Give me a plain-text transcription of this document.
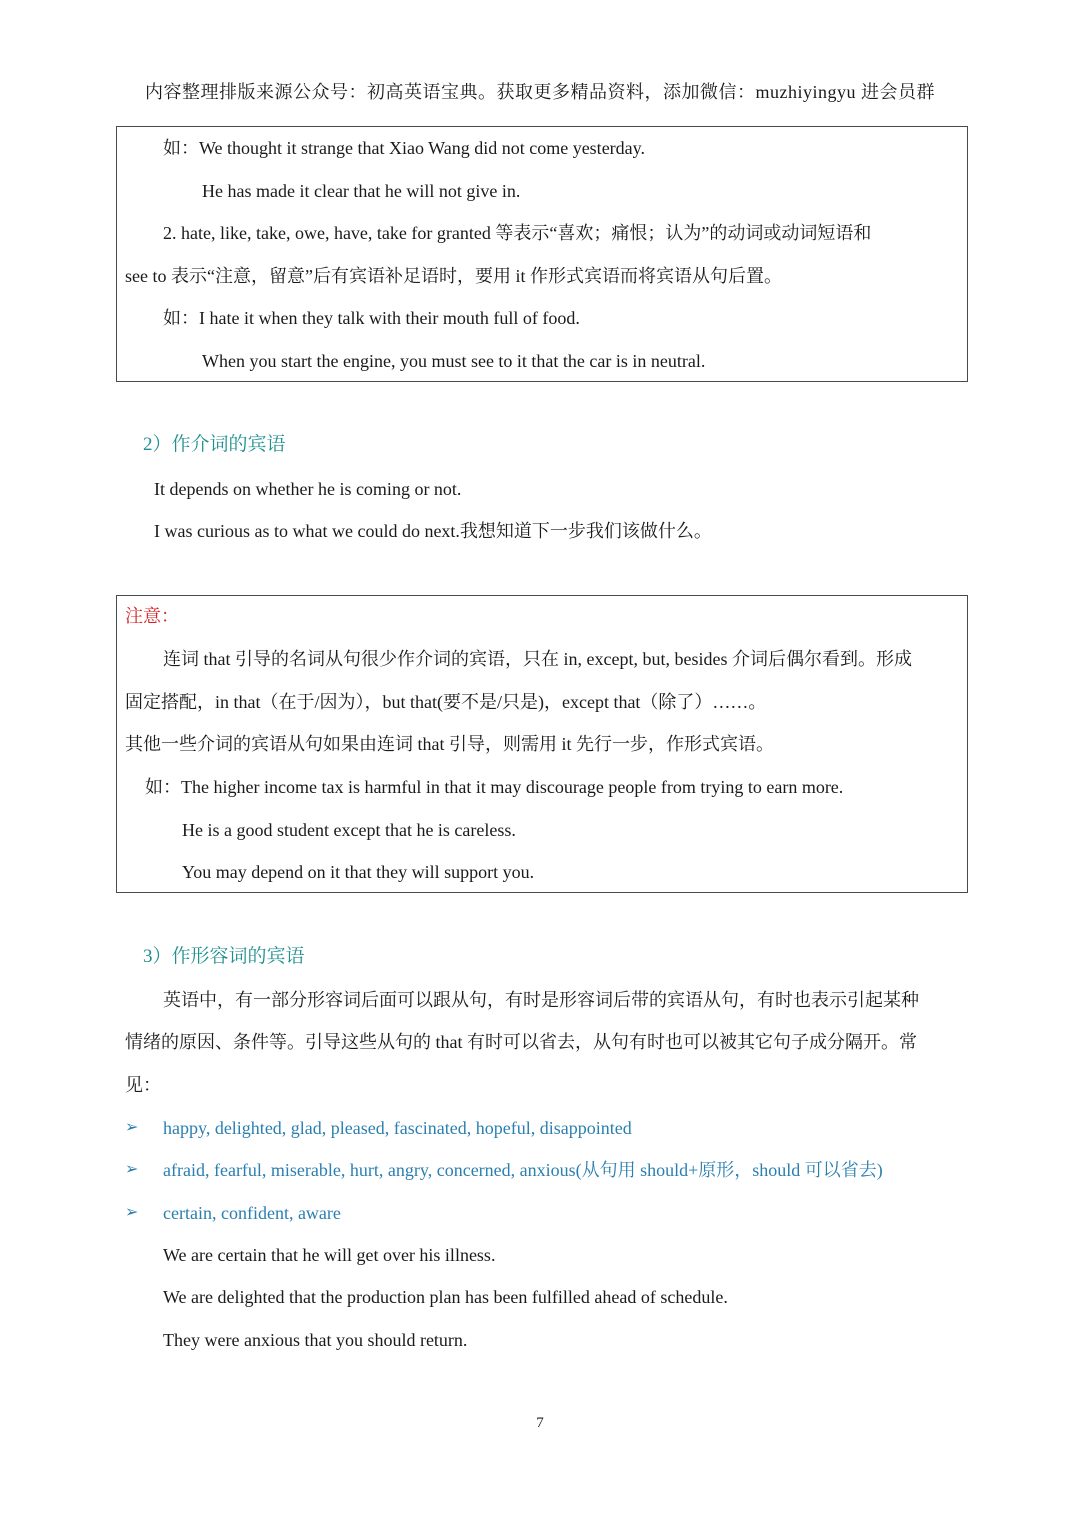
内容整理排版来源公众号：初高英语宝典。获取更多精品资料，添加微信：muzhiyingyu 进会员群
如：We thought it strange that Xiao Wang did not come yesterday.
He has made it clear that he will not give in.
2. hate, like, take, owe, have, take for granted 等表示“喜欢；痛恨；认为”的动词或动词短语和
see to 表示“注意，留意”后有宾语补足语时，要用 it 作形式宾语而将宾语从句后置。
如：I hate it when they talk with their mouth full of food.
When you start the engine, you must see to it that the car is in neutral.
2）作介词的宾语
It depends on whether he is coming or not.
I was curious as to what we could do next.我想知道下一步我们该做什么。
注意：
连词 that 引导的名词从句很少作介词的宾语，只在 in, except, but, besides 介词后偶尔看到。形成
固定搭配，in that（在于/因为），but that(要不是/只是)，except that（除了）……。
其他一些介词的宾语从句如果由连词 that 引导，则需用 it 先行一步，作形式宾语。
如：The higher income tax is harmful in that it may discourage people from trying to earn more.
He is a good student except that he is careless.
You may depend on it that they will support you.
3）作形容词的宾语
英语中，有一部分形容词后面可以跟从句，有时是形容词后带的宾语从句，有时也表示引起某种
情绪的原因、条件等。引导这些从句的 that 有时可以省去，从句有时也可以被其它句子成分隔开。常
见：
➢ happy, delighted, glad, pleased, fascinated, hopeful, disappointed
➢ afraid, fearful, miserable, hurt, angry, concerned, anxious(从句用 should+原形，should 可以省去)
➢ certain, confident, aware
We are certain that he will get over his illness.
We are delighted that the production plan has been fulfilled ahead of schedule.
They were anxious that you should return.
7
